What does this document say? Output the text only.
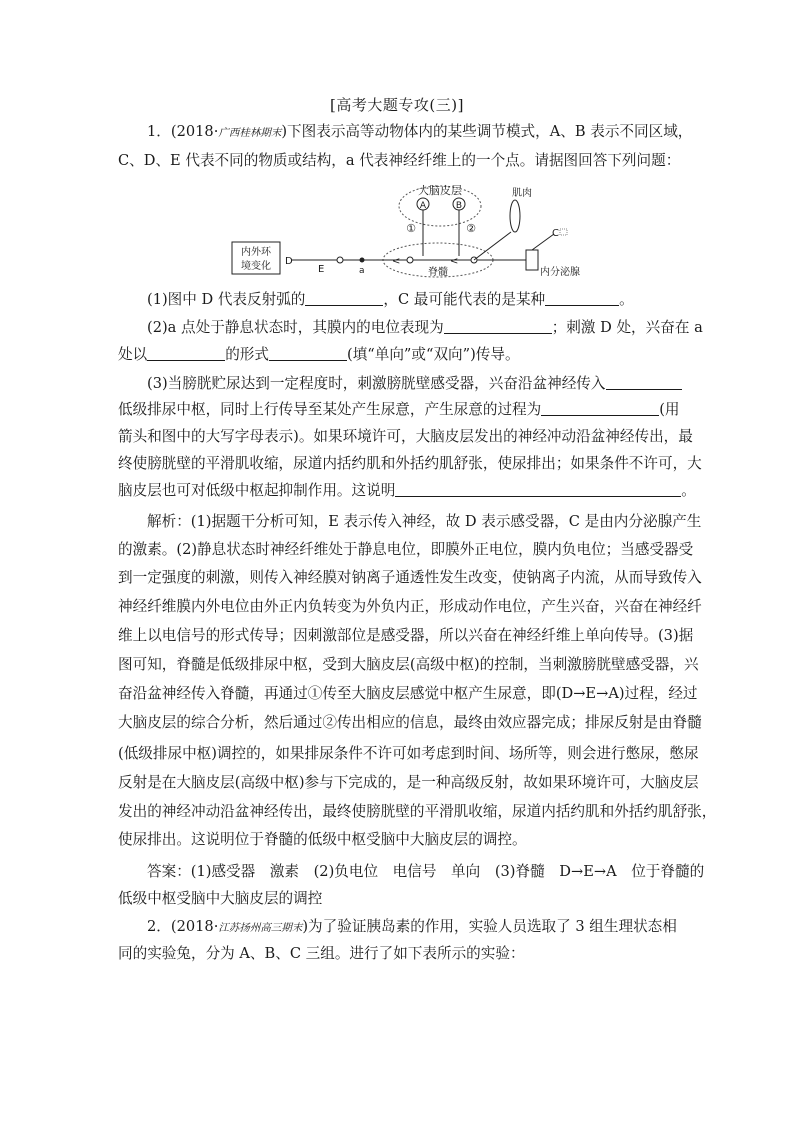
[高考大题专攻(三)]
1．(2018·广西桂林期末)下图表示高等动物体内的某些调节模式，A、B 表示不同区域，
C、D、E 代表不同的物质或结构，a 代表神经纤维上的一个点。请据图回答下列问题：
大脑皮层
A	B
①	②
<	<
脊髓
内外环
境变化 D
E	a	内分泌腺
肌肉
C
(1)图中 D 代表反射弧的	，C 最可能代表的是某种	。
(2)a 点处于静息状态时，其膜内的电位表现为	；刺激 D 处，兴奋在 a
处以	的形式	(填“单向”或“双向”)传导。
(3)当膀胱贮尿达到一定程度时，刺激膀胱壁感受器，兴奋沿盆神经传入
低级排尿中枢，同时上行传导至某处产生尿意，产生尿意的过程为	(用
箭头和图中的大写字母表示)。如果环境许可，大脑皮层发出的神经冲动沿盆神经传出，最
终使膀胱壁的平滑肌收缩，尿道内括约肌和外括约肌舒张，使尿排出；如果条件不许可，大
脑皮层也可对低级中枢起抑制作用。这说明	。
解析：(1)据题干分析可知，E 表示传入神经，故 D 表示感受器，C 是由内分泌腺产生
的激素。(2)静息状态时神经纤维处于静息电位，即膜外正电位，膜内负电位；当感受器受
到一定强度的刺激，则传入神经膜对钠离子通透性发生改变，使钠离子内流，从而导致传入
神经纤维膜内外电位由外正内负转变为外负内正，形成动作电位，产生兴奋，兴奋在神经纤
维上以电信号的形式传导；因刺激部位是感受器，所以兴奋在神经纤维上单向传导。(3)据
图可知，脊髓是低级排尿中枢，受到大脑皮层(高级中枢)的控制，当刺激膀胱壁感受器，兴
奋沿盆神经传入脊髓，再通过①传至大脑皮层感觉中枢产生尿意，即(D→E→A)过程，经过
大脑皮层的综合分析，然后通过②传出相应的信息，最终由效应器完成；排尿反射是由脊髓
(低级排尿中枢)调控的，如果排尿条件不许可如考虑到时间、场所等，则会进行憋尿，憋尿
反射是在大脑皮层(高级中枢)参与下完成的，是一种高级反射，故如果环境许可，大脑皮层
发出的神经冲动沿盆神经传出，最终使膀胱壁的平滑肌收缩，尿道内括约肌和外括约肌舒张，
使尿排出。这说明位于脊髓的低级中枢受脑中大脑皮层的调控。
答案：(1)感受器　激素　(2)负电位　电信号　单向　(3)脊髓　D→E→A　位于脊髓的
低级中枢受脑中大脑皮层的调控
2．(2018·江苏扬州高三期末)为了验证胰岛素的作用，实验人员选取了 3 组生理状态相
同的实验兔，分为 A、B、C 三组。进行了如下表所示的实验：
